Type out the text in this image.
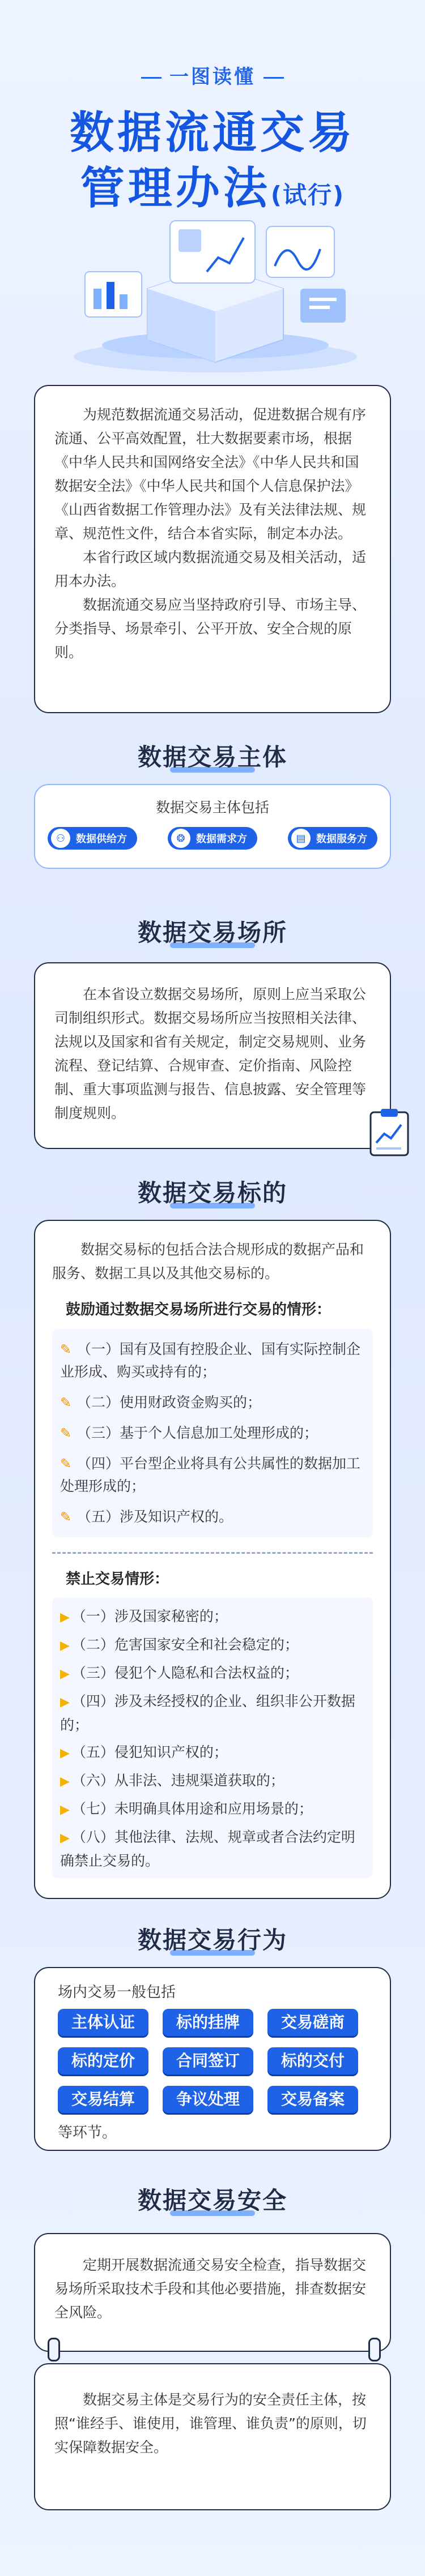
一图读懂
数据流通交易
管理办法(试行)

为规范数据流通交易活动，促进数据合规有序流通、公平高效配置，壮大数据要素市场，根据《中华人民共和国网络安全法》《中华人民共和国数据安全法》《中华人民共和国个人信息保护法》《山西省数据工作管理办法》及有关法律法规、规章、规范性文件，结合本省实际，制定本办法。

本省行政区域内数据流通交易及相关活动，适用本办法。

数据流通交易应当坚持政府引导、市场主导、分类指导、场景牵引、公平开放、安全合规的原则。

数据交易主体
数据交易主体包括
⚇	数据供给方	❂	数据需求方	▤	数据服务方
数据交易场所

在本省设立数据交易场所，原则上应当采取公司制组织形式。数据交易场所应当按照相关法律、法规以及国家和省有关规定，制定交易规则、业务流程、登记结算、合规审查、定价指南、风险控制、重大事项监测与报告、信息披露、安全管理等制度规则。

数据交易标的

数据交易标的包括合法合规形成的数据产品和服务、数据工具以及其他交易标的。

鼓励通过数据交易场所进行交易的情形：
✎ （一）国有及国有控股企业、国有实际控制企业形成、购买或持有的；
✎ （二）使用财政资金购买的；
✎ （三）基于个人信息加工处理形成的；
✎ （四）平台型企业将具有公共属性的数据加工处理形成的；
✎ （五）涉及知识产权的。
禁止交易情形：
▶ （一）涉及国家秘密的；
▶ （二）危害国家安全和社会稳定的；
▶ （三）侵犯个人隐私和合法权益的；
▶ （四）涉及未经授权的企业、组织非公开数据的；
▶ （五）侵犯知识产权的；
▶ （六）从非法、违规渠道获取的；
▶ （七）未明确具体用途和应用场景的；
▶ （八）其他法律、法规、规章或者合法约定明确禁止交易的。
数据交易行为
场内交易一般包括
主体认证	标的挂牌	交易磋商
标的定价	合同签订	标的交付
交易结算	争议处理	交易备案
等环节。
数据交易安全

定期开展数据流通交易安全检查，指导数据交易场所采取技术手段和其他必要措施，排查数据安全风险。

数据交易主体是交易行为的安全责任主体，按照“谁经手、谁使用，谁管理、谁负责”的原则，切实保障数据安全。
